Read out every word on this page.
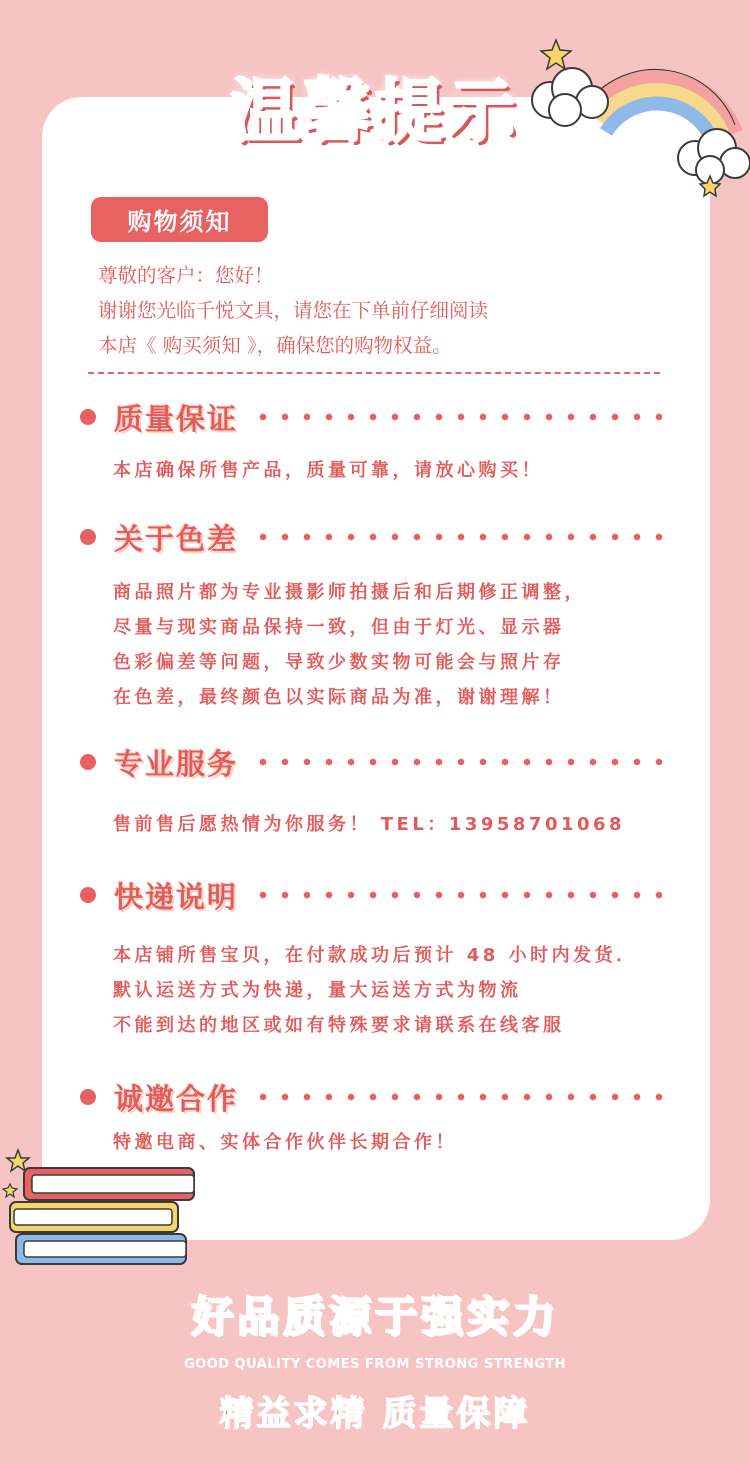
温馨提示
购物须知
尊敬的客户：您好！
谢谢您光临千悦文具，请您在下单前仔细阅读
本店《 购买须知 》，确保您的购物权益。
质量保证
本店确保所售产品，质量可靠，请放心购买！
关于色差
商品照片都为专业摄影师拍摄后和后期修正调整，
尽量与现实商品保持一致，但由于灯光、显示器
色彩偏差等问题，导致少数实物可能会与照片存
在色差，最终颜色以实际商品为准，谢谢理解！
专业服务
售前售后愿热情为你服务！ TEL：13958701068
快递说明
本店铺所售宝贝，在付款成功后预计 48 小时内发货．
默认运送方式为快递，量大运送方式为物流
不能到达的地区或如有特殊要求请联系在线客服
诚邀合作
特邀电商、实体合作伙伴长期合作！
好品质源于强实力
GOOD QUALITY COMES FROM STRONG STRENGTH
精益求精 质量保障
